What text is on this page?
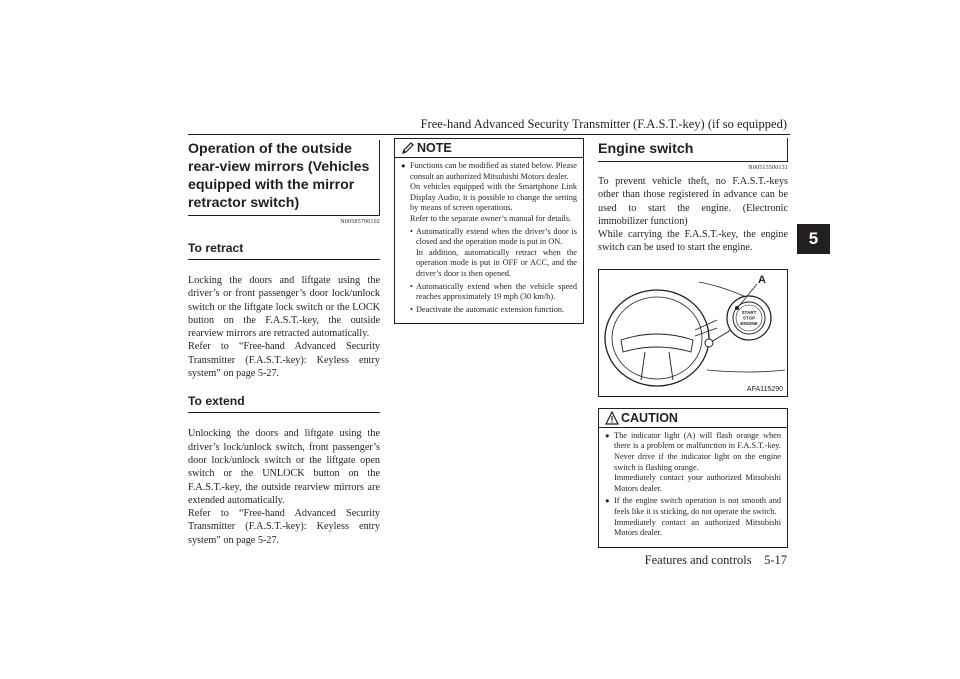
Free-hand Advanced Security Transmitter (F.A.S.T.-key) (if so equipped)
5
Operation of the outside rear-view mirrors (Vehicles equipped with the mirror retractor switch)
N00585700102
To retract

Locking the doors and liftgate using the driver’s or front passenger’s door lock/unlock switch or the liftgate lock switch or the LOCK button on the F.A.S.T.-key, the outside rearview mirrors are retracted automatically.

Refer to “Free-hand Advanced Security Transmitter (F.A.S.T.-key): Keyless entry system” on page 5-27.

To extend

Unlocking the doors and liftgate using the driver’s lock/unlock switch, front passenger’s door lock/unlock switch or the liftgate open switch or the UNLOCK button on the F.A.S.T.-key, the outside rearview mirrors are extended automatically.

Refer to “Free-hand Advanced Security Transmitter (F.A.S.T.-key): Keyless entry system” on page 5-27.

NOTE

● Functions can be modified as stated below. Please consult an authorized Mitsubishi Motors dealer.

On vehicles equipped with the Smartphone Link Display Audio, it is possible to change the setting by means of screen operations.

Refer to the separate owner’s manual for details.

• Automatically extend when the driver’s door is closed and the operation mode is put in ON.

In addition, automatically retract when the operation mode is put in OFF or ACC, and the driver’s door is then opened.

• Automatically extend when the vehicle speed reaches approximately 19 mph (30 km/h).

• Deactivate the automatic extension function.

Engine switch
N00513500131

To prevent vehicle theft, no F.A.S.T.-keys other than those registered in advance can be used to start the engine. (Electronic immobilizer function)

While carrying the F.A.S.T.-key, the engine switch can be used to start the engine.

A
START
STOP
ENGINE
AFA115290
CAUTION

● The indicator light (A) will flash orange when there is a problem or malfunction in F.A.S.T.-key. Never drive if the indicator light on the engine switch is flashing orange.

Immediately contact your authorized Mitsubishi Motors dealer.

● If the engine switch operation is not smooth and feels like it is sticking, do not operate the switch.

Immediately contact an authorized Mitsubishi Motors dealer.

Features and controls 5-17
